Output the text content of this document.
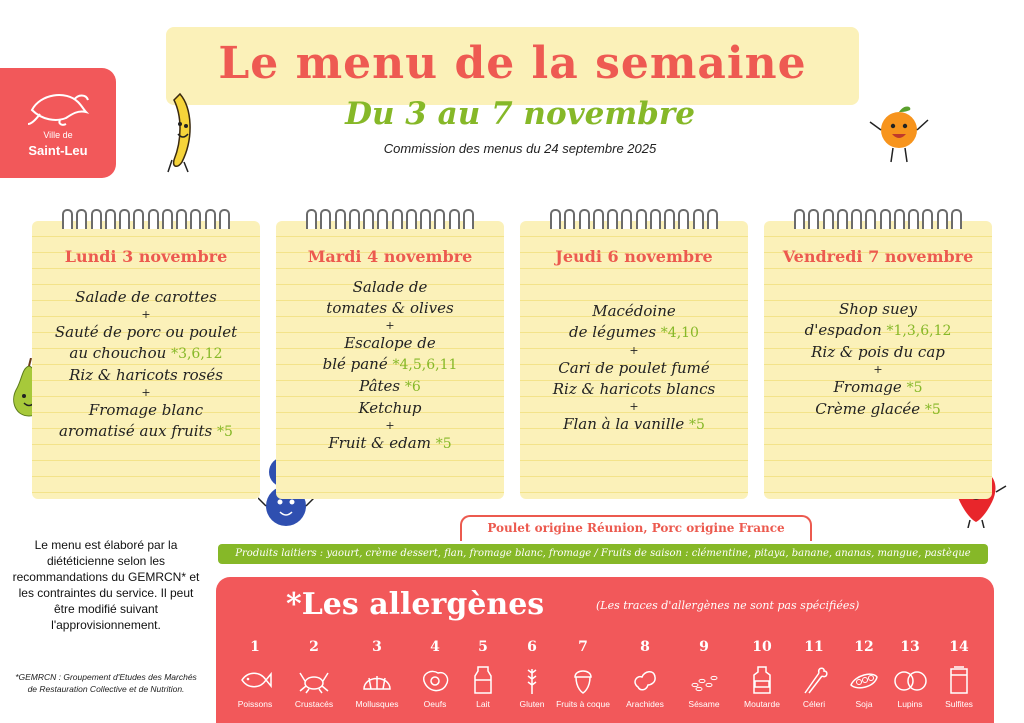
Ville de
Saint-Leu
Le menu de la semaine
Du 3 au 7 novembre
Commission des menus du 24 septembre 2025
Lundi 3 novembre
Salade de carottes
+
Sauté de porc ou poulet
au chouchou *3,6,12
Riz & haricots rosés
+
Fromage blanc
aromatisé aux fruits *5
Mardi 4 novembre
Salade de
tomates & olives
+
Escalope de
blé pané *4,5,6,11
Pâtes *6
Ketchup
+
Fruit & edam *5
Jeudi 6 novembre
Macédoine
de légumes *4,10
+
Cari de poulet fumé
Riz & haricots blancs
+
Flan à la vanille *5
Vendredi 7 novembre
Shop suey
d'espadon *1,3,6,12
Riz & pois du cap
+
Fromage *5
Crème glacée *5
Poulet origine Réunion, Porc origine France
Produits laitiers : yaourt, crème dessert, flan, fromage blanc, fromage / Fruits de saison : clémentine, pitaya, banane, ananas, mangue, pastèque
Le menu est élaboré par la diététicienne selon les recommandations du GEMRCN* et les contraintes du service. Il peut être modifié suivant l'approvisionnement.
*GEMRCN : Groupement d'Etudes des Marchés de Restauration Collective et de Nutrition.
*Les allergènes	(Les traces d'allergènes ne sont pas spécifiées)
1
Poissons
2
Crustacés
3
Mollusques
4
Oeufs
5
Lait
6
Gluten
7
Fruits à coque
8
Arachides
9
Sésame
10
Moutarde
11
Céleri
12
Soja
13
Lupins
14
Sulfites
